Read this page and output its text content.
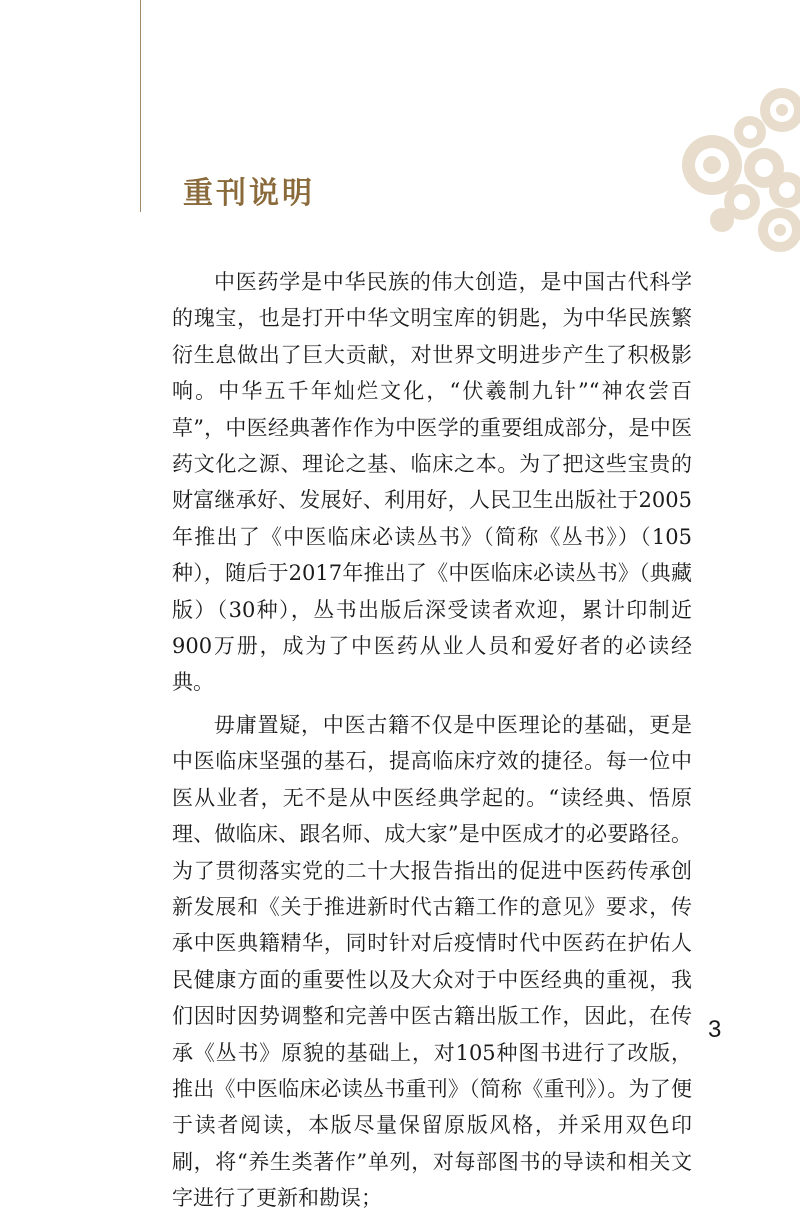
重刊说明

中医药学是中华民族的伟大创造，是中国古代科学的瑰宝，也是打开中华文明宝库的钥匙，为中华民族繁衍生息做出了巨大贡献，对世界文明进步产生了积极影响。中华五千年灿烂文化，“伏羲制九针”“神农尝百草”，中医经典著作作为中医学的重要组成部分，是中医药文化之源、理论之基、临床之本。为了把这些宝贵的财富继承好、发展好、利用好，人民卫生出版社于2005年推出了《中医临床必读丛书》（简称《丛书》）（105种），随后于2017年推出了《中医临床必读丛书》（典藏版）（30种），丛书出版后深受读者欢迎，累计印制近900万册，成为了中医药从业人员和爱好者的必读经典。

毋庸置疑，中医古籍不仅是中医理论的基础，更是中医临床坚强的基石，提高临床疗效的捷径。每一位中医从业者，无不是从中医经典学起的。“读经典、悟原理、做临床、跟名师、成大家”是中医成才的必要路径。为了贯彻落实党的二十大报告指出的促进中医药传承创新发展和《关于推进新时代古籍工作的意见》要求，传承中医典籍精华，同时针对后疫情时代中医药在护佑人民健康方面的重要性以及大众对于中医经典的重视，我们因时因势调整和完善中医古籍出版工作，因此，在传承《丛书》原貌的基础上，对105种图书进行了改版，推出《中医临床必读丛书重刊》（简称《重刊》）。为了便于读者阅读，本版尽量保留原版风格，并采用双色印刷，将“养生类著作”单列，对每部图书的导读和相关文字进行了更新和勘误；

3
